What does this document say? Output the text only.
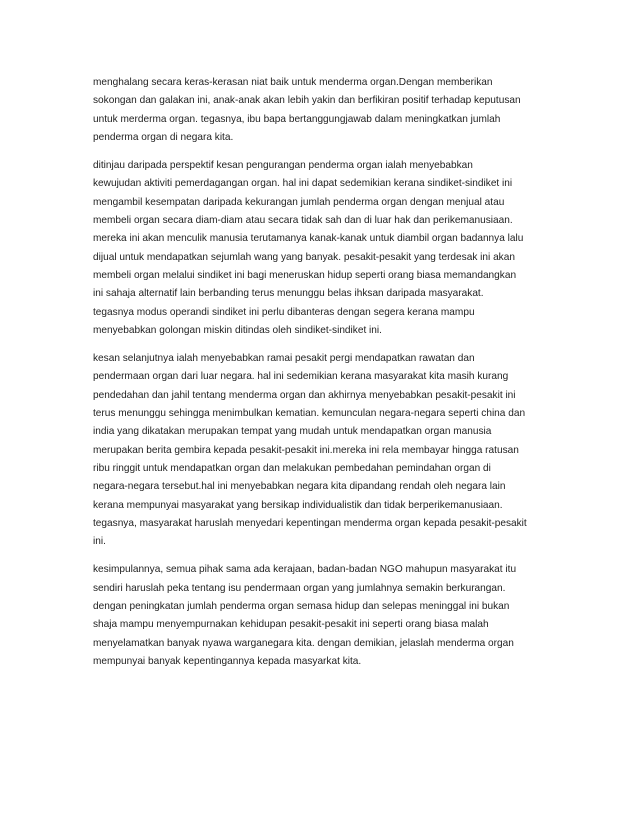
menghalang secara keras-kerasan niat baik untuk menderma organ.Dengan memberikan
sokongan dan galakan ini, anak-anak akan lebih yakin dan berfikiran positif terhadap keputusan
untuk merderma organ. tegasnya, ibu bapa bertanggungjawab dalam meningkatkan jumlah
penderma organ di negara kita.
ditinjau daripada perspektif kesan pengurangan penderma organ ialah menyebabkan
kewujudan aktiviti pemerdagangan organ. hal ini dapat sedemikian kerana sindiket-sindiket ini
mengambil kesempatan daripada kekurangan jumlah penderma organ dengan menjual atau
membeli organ secara diam-diam atau secara tidak sah dan di luar hak dan perikemanusiaan.
mereka ini akan menculik manusia terutamanya kanak-kanak untuk diambil organ badannya lalu
dijual untuk mendapatkan sejumlah wang yang banyak. pesakit-pesakit yang terdesak ini akan
membeli organ melalui sindiket ini bagi meneruskan hidup seperti orang biasa memandangkan
ini sahaja alternatif lain berbanding terus menunggu belas ihksan daripada masyarakat.
tegasnya modus operandi sindiket ini perlu dibanteras dengan segera kerana mampu
menyebabkan golongan miskin ditindas oleh sindiket-sindiket ini.
kesan selanjutnya ialah menyebabkan ramai pesakit pergi mendapatkan rawatan dan
pendermaan organ dari luar negara. hal ini sedemikian kerana masyarakat kita masih kurang
pendedahan dan jahil tentang menderma organ dan akhirnya menyebabkan pesakit-pesakit ini
terus menunggu sehingga menimbulkan kematian. kemunculan negara-negara seperti china dan
india yang dikatakan merupakan tempat yang mudah untuk mendapatkan organ manusia
merupakan berita gembira kepada pesakit-pesakit ini.mereka ini rela membayar hingga ratusan
ribu ringgit untuk mendapatkan organ dan melakukan pembedahan pemindahan organ di
negara-negara tersebut.hal ini menyebabkan negara kita dipandang rendah oleh negara lain
kerana mempunyai masyarakat yang bersikap individualistik dan tidak berperikemanusiaan.
tegasnya, masyarakat haruslah menyedari kepentingan menderma organ kepada pesakit-pesakit
ini.
kesimpulannya, semua pihak sama ada kerajaan, badan-badan NGO mahupun masyarakat itu
sendiri haruslah peka tentang isu pendermaan organ yang jumlahnya semakin berkurangan.
dengan peningkatan jumlah penderma organ semasa hidup dan selepas meninggal ini bukan
shaja mampu menyempurnakan kehidupan pesakit-pesakit ini seperti orang biasa malah
menyelamatkan banyak nyawa warganegara kita. dengan demikian, jelaslah menderma organ
mempunyai banyak kepentingannya kepada masyarkat kita.
